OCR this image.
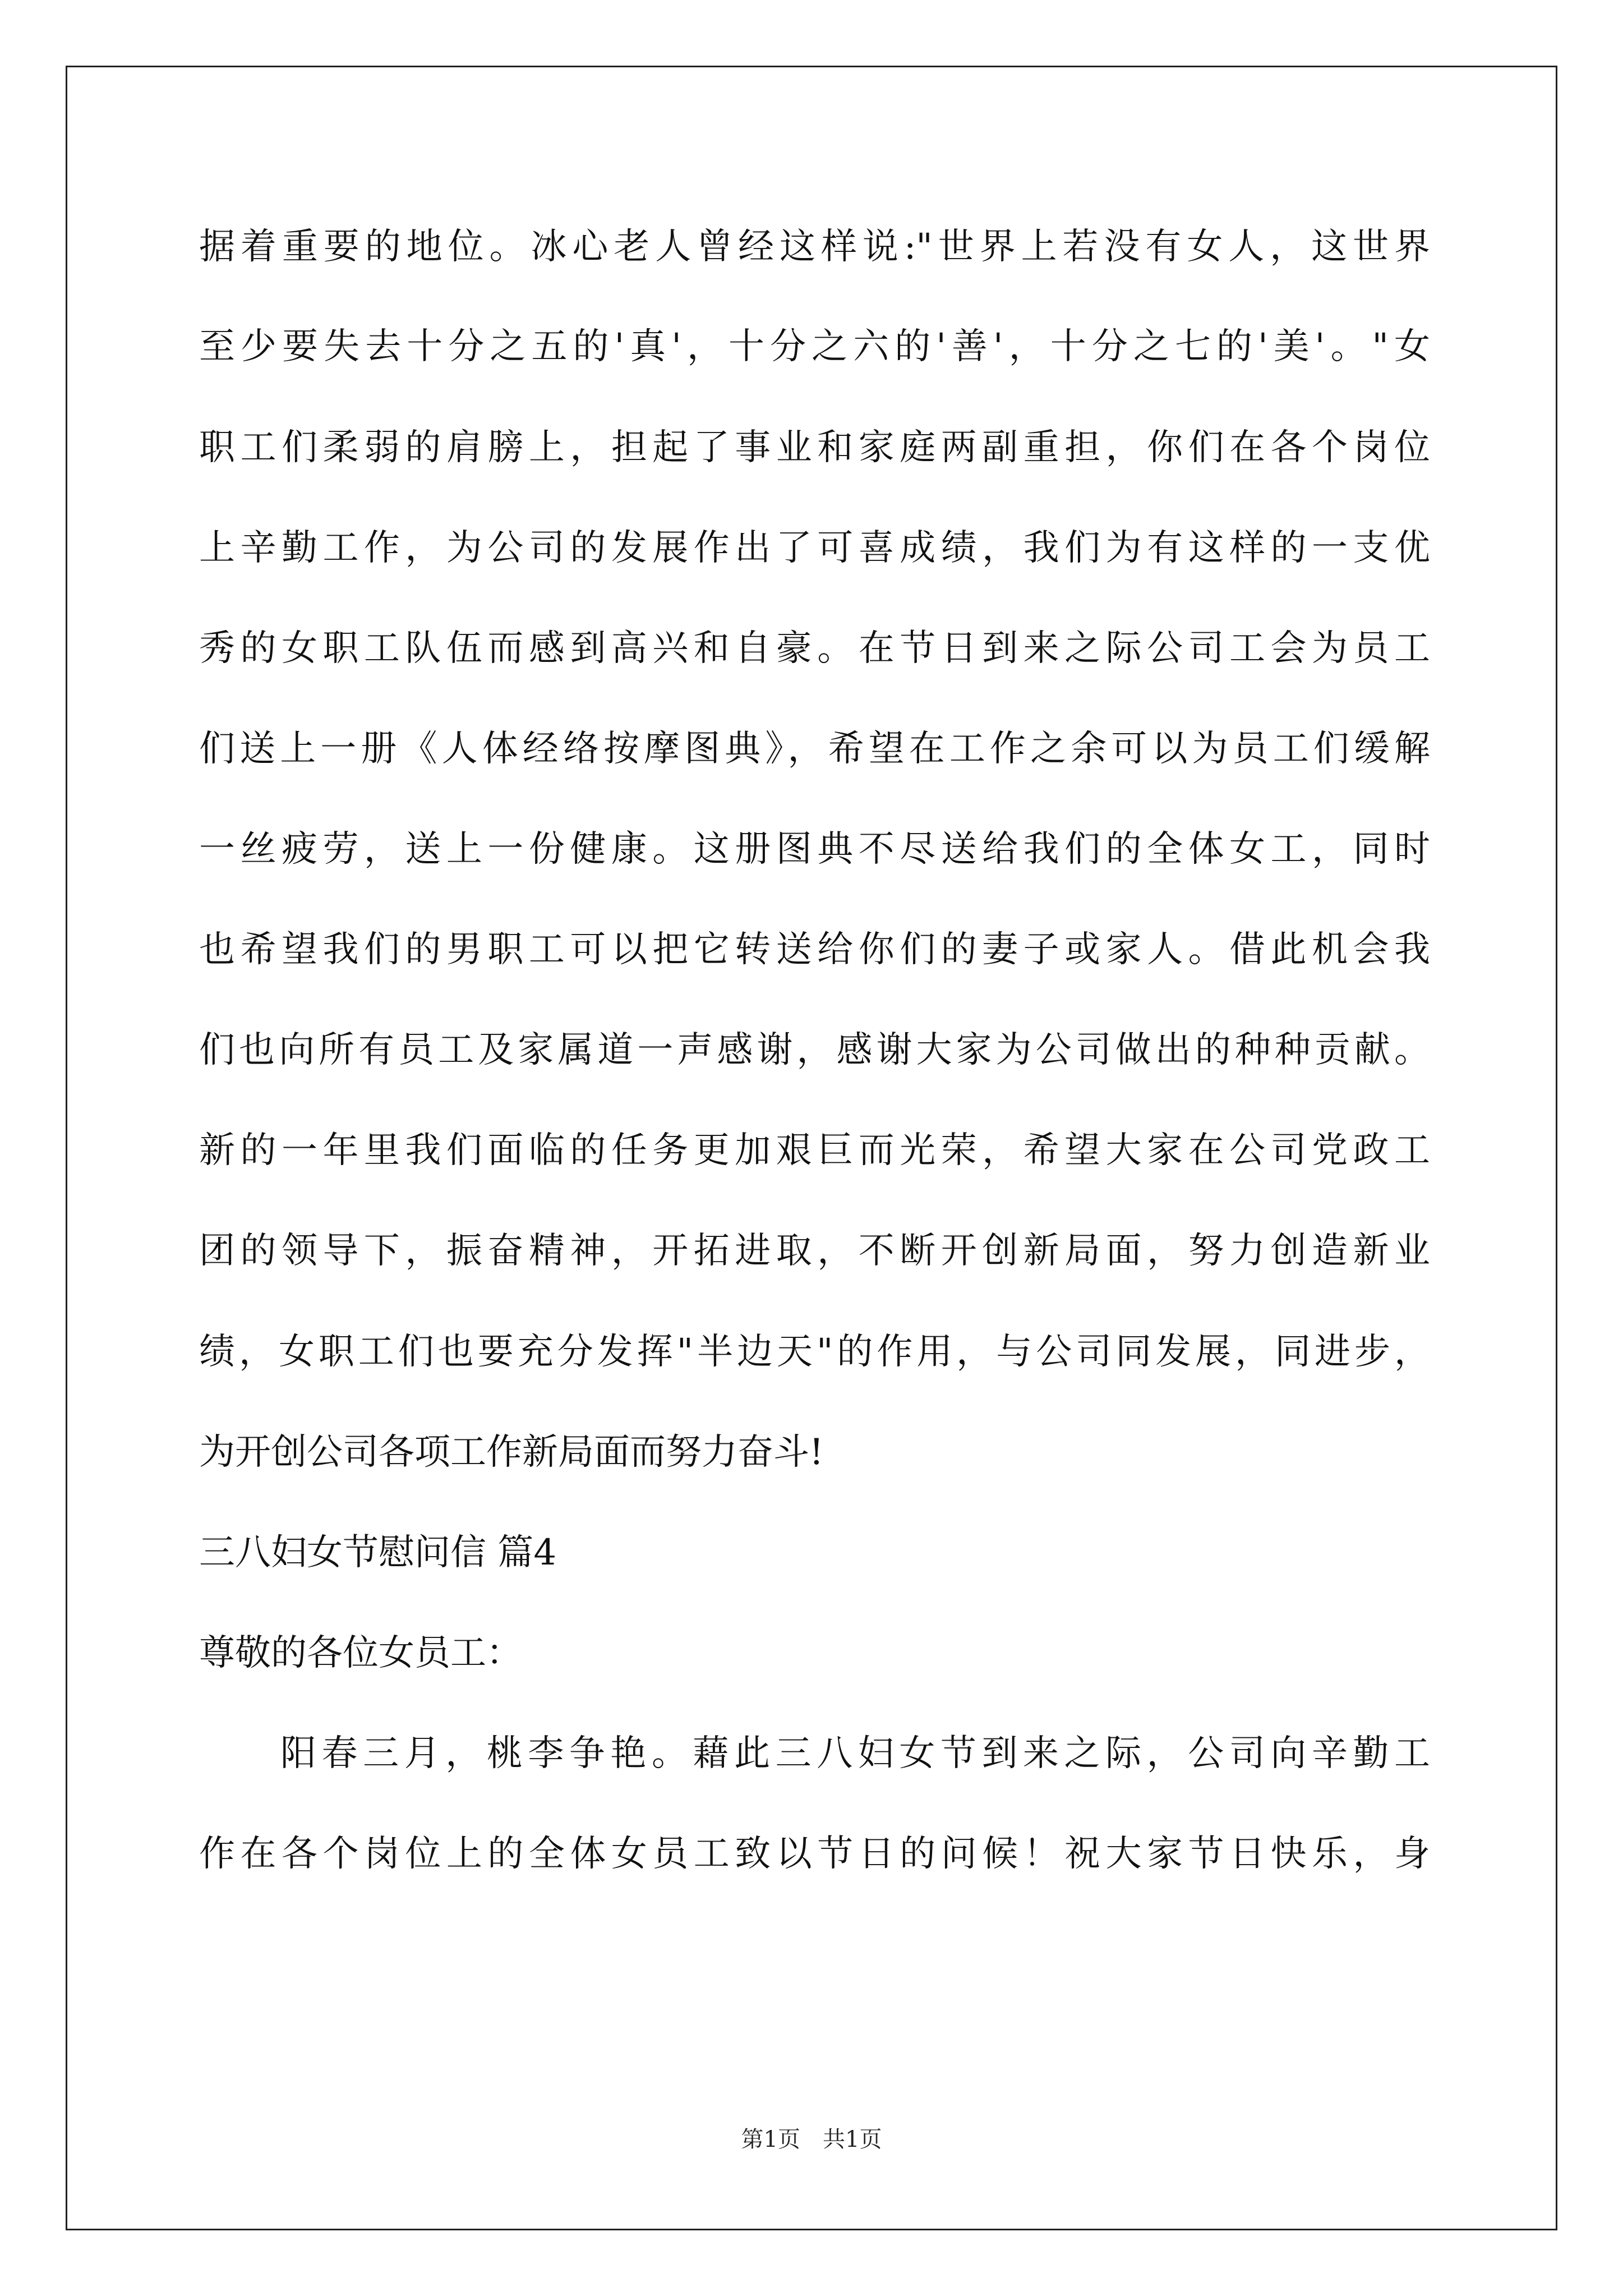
据着重要的地位。冰心老人曾经这样说:"世界上若没有女人，这世界
至少要失去十分之五的'真'，十分之六的'善'，十分之七的'美'。"女
职工们柔弱的肩膀上，担起了事业和家庭两副重担，你们在各个岗位
上辛勤工作，为公司的发展作出了可喜成绩，我们为有这样的一支优
秀的女职工队伍而感到高兴和自豪。在节日到来之际公司工会为员工
们送上一册《人体经络按摩图典》，希望在工作之余可以为员工们缓解
一丝疲劳，送上一份健康。这册图典不尽送给我们的全体女工，同时
也希望我们的男职工可以把它转送给你们的妻子或家人。借此机会我
们也向所有员工及家属道一声感谢，感谢大家为公司做出的种种贡献。
新的一年里我们面临的任务更加艰巨而光荣，希望大家在公司党政工
团的领导下，振奋精神，开拓进取，不断开创新局面，努力创造新业
绩，女职工们也要充分发挥"半边天"的作用，与公司同发展，同进步，
为开创公司各项工作新局面而努力奋斗!
三八妇女节慰问信 篇4
尊敬的各位女员工：
阳春三月，桃李争艳。藉此三八妇女节到来之际，公司向辛勤工
作在各个岗位上的全体女员工致以节日的问候！祝大家节日快乐，身
第1页　共1页
